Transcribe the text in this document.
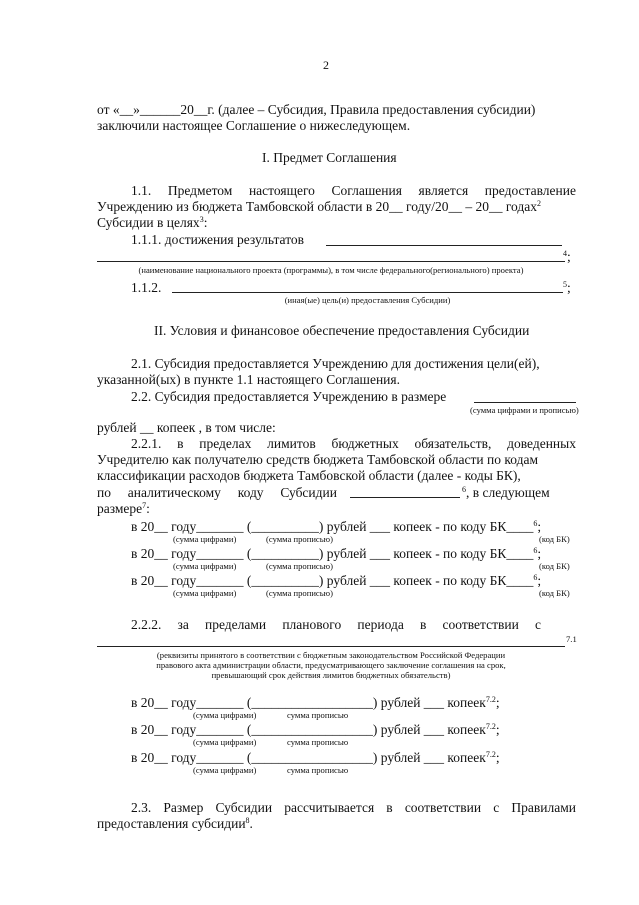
2
от «__»______20__г. (далее – Субсидия, Правила предоставления субсидии)
заключили настоящее Соглашение о нижеследующем.
I. Предмет Соглашения
1.1. Предметом настоящего Соглашения является предоставление
Учреждению из бюджета Тамбовской области в 20__ году/20__ – 20__ годах$^2$
Субсидии в целях$^3$:
1.1.1. достижения результатов
$^4$;
(наименование национального проекта (программы), в том числе федерального(регионального) проекта)
1.1.2.	$^5$;
(иная(ые) цель(и) предоставления Субсидии)
II. Условия и финансовое обеспечение предоставления Субсидии
2.1. Субсидия предоставляется Учреждению для достижения цели(ей),
указанной(ых) в пункте 1.1 настоящего Соглашения.
2.2. Субсидия предоставляется Учреждению в размере
(сумма цифрами и прописью)
рублей __ копеек , в том числе:
2.2.1. в пределах лимитов бюджетных обязательств, доведенных
Учредителю как получателю средств бюджета Тамбовской области по кодам
классификации расходов бюджета Тамбовской области (далее - коды БК),
по аналитическому коду Субсидии	$^6$, в следующем
размере$^7$:
в 20__ году_______ (__________) рублей ___ копеек - по коду БК____$^6$;
(сумма цифрами)	(сумма прописью)	(код БК)
в 20__ году_______ (__________) рублей ___ копеек - по коду БК____$^6$;
(сумма цифрами)	(сумма прописью)	(код БК)
в 20__ году_______ (__________) рублей ___ копеек - по коду БК____$^6$;
(сумма цифрами)	(сумма прописью)	(код БК)
2.2.2. за пределами планового периода в соответствии с
7.1
(реквизиты принятого в соответствии с бюджетным законодательством Российской Федерации
правового акта администрации области, предусматривающего заключение соглашения на срок,
превышающий срок действия лимитов бюджетных обязательств)
в 20__ году_______ (__________________) рублей ___ копеек$^{7.2}$;
(сумма цифрами)	сумма прописью
в 20__ году_______ (__________________) рублей ___ копеек$^{7.2}$;
(сумма цифрами)	сумма прописью
в 20__ году_______ (__________________) рублей ___ копеек$^{7.2}$;
(сумма цифрами)	сумма прописью
2.3. Размер Субсидии рассчитывается в соответствии с Правилами
предоставления субсидии$^8$.
